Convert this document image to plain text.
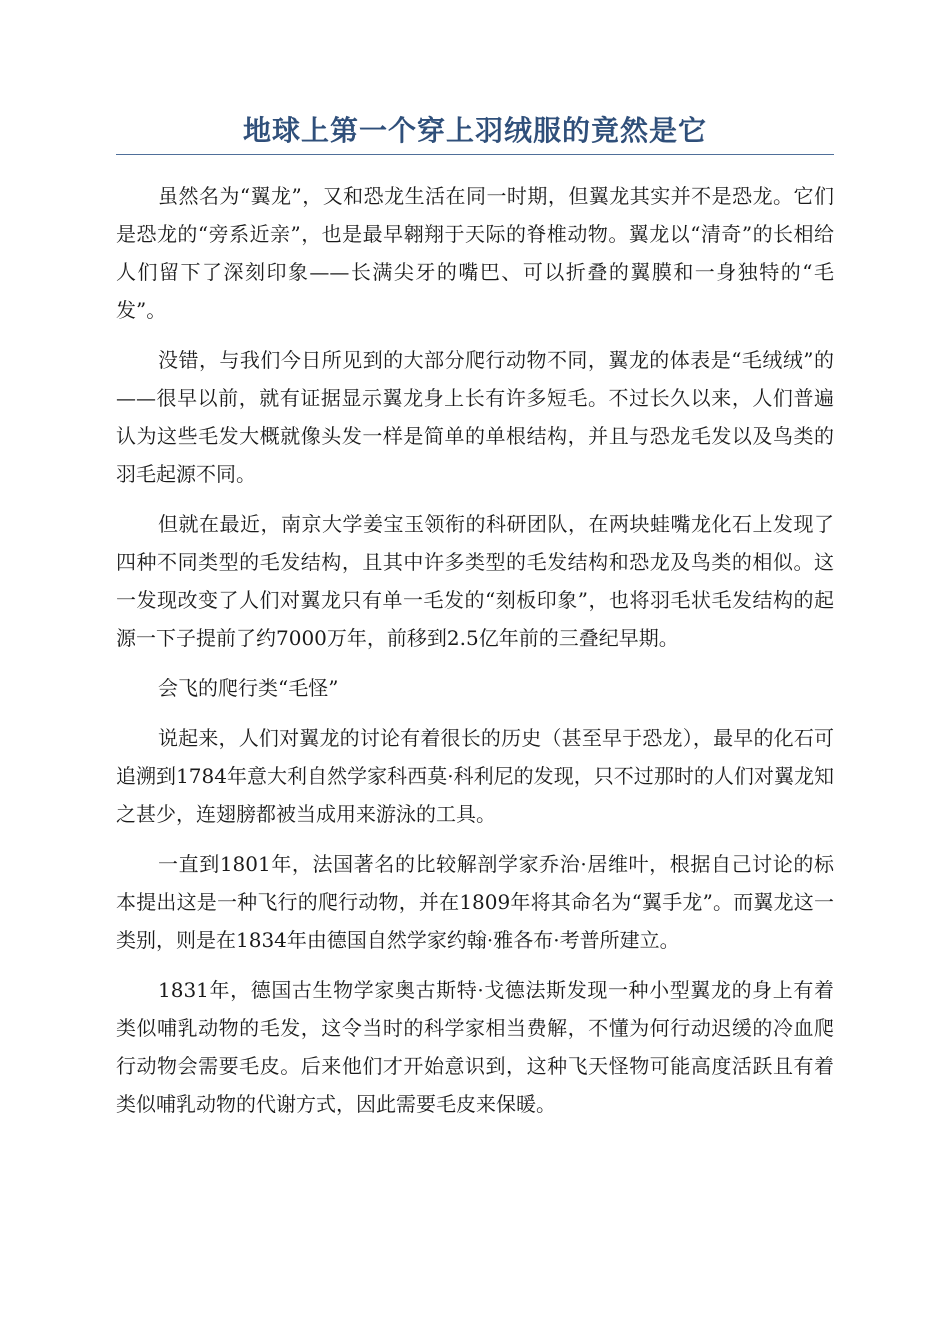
地球上第一个穿上羽绒服的竟然是它

虽然名为“翼龙”，又和恐龙生活在同一时期，但翼龙其实并不是恐龙。它们是恐龙的“旁系近亲”，也是最早翱翔于天际的脊椎动物。翼龙以“清奇”的长相给人们留下了深刻印象——长满尖牙的嘴巴、可以折叠的翼膜和一身独特的“毛发”。

没错，与我们今日所见到的大部分爬行动物不同，翼龙的体表是“毛绒绒”的——很早以前，就有证据显示翼龙身上长有许多短毛。不过长久以来，人们普遍认为这些毛发大概就像头发一样是简单的单根结构，并且与恐龙毛发以及鸟类的羽毛起源不同。

但就在最近，南京大学姜宝玉领衔的科研团队，在两块蛙嘴龙化石上发现了四种不同类型的毛发结构，且其中许多类型的毛发结构和恐龙及鸟类的相似。这一发现改变了人们对翼龙只有单一毛发的“刻板印象”，也将羽毛状毛发结构的起源一下子提前了约7000万年，前移到2.5亿年前的三叠纪早期。

会飞的爬行类“毛怪”

说起来，人们对翼龙的讨论有着很长的历史（甚至早于恐龙），最早的化石可追溯到1784年意大利自然学家科西莫·科利尼的发现，只不过那时的人们对翼龙知之甚少，连翅膀都被当成用来游泳的工具。

一直到1801年，法国著名的比较解剖学家乔治·居维叶，根据自己讨论的标本提出这是一种飞行的爬行动物，并在1809年将其命名为“翼手龙”。而翼龙这一类别，则是在1834年由德国自然学家约翰·雅各布·考普所建立。

1831年，德国古生物学家奥古斯特·戈德法斯发现一种小型翼龙的身上有着类似哺乳动物的毛发，这令当时的科学家相当费解，不懂为何行动迟缓的冷血爬行动物会需要毛皮。后来他们才开始意识到，这种飞天怪物可能高度活跃且有着类似哺乳动物的代谢方式，因此需要毛皮来保暖。
